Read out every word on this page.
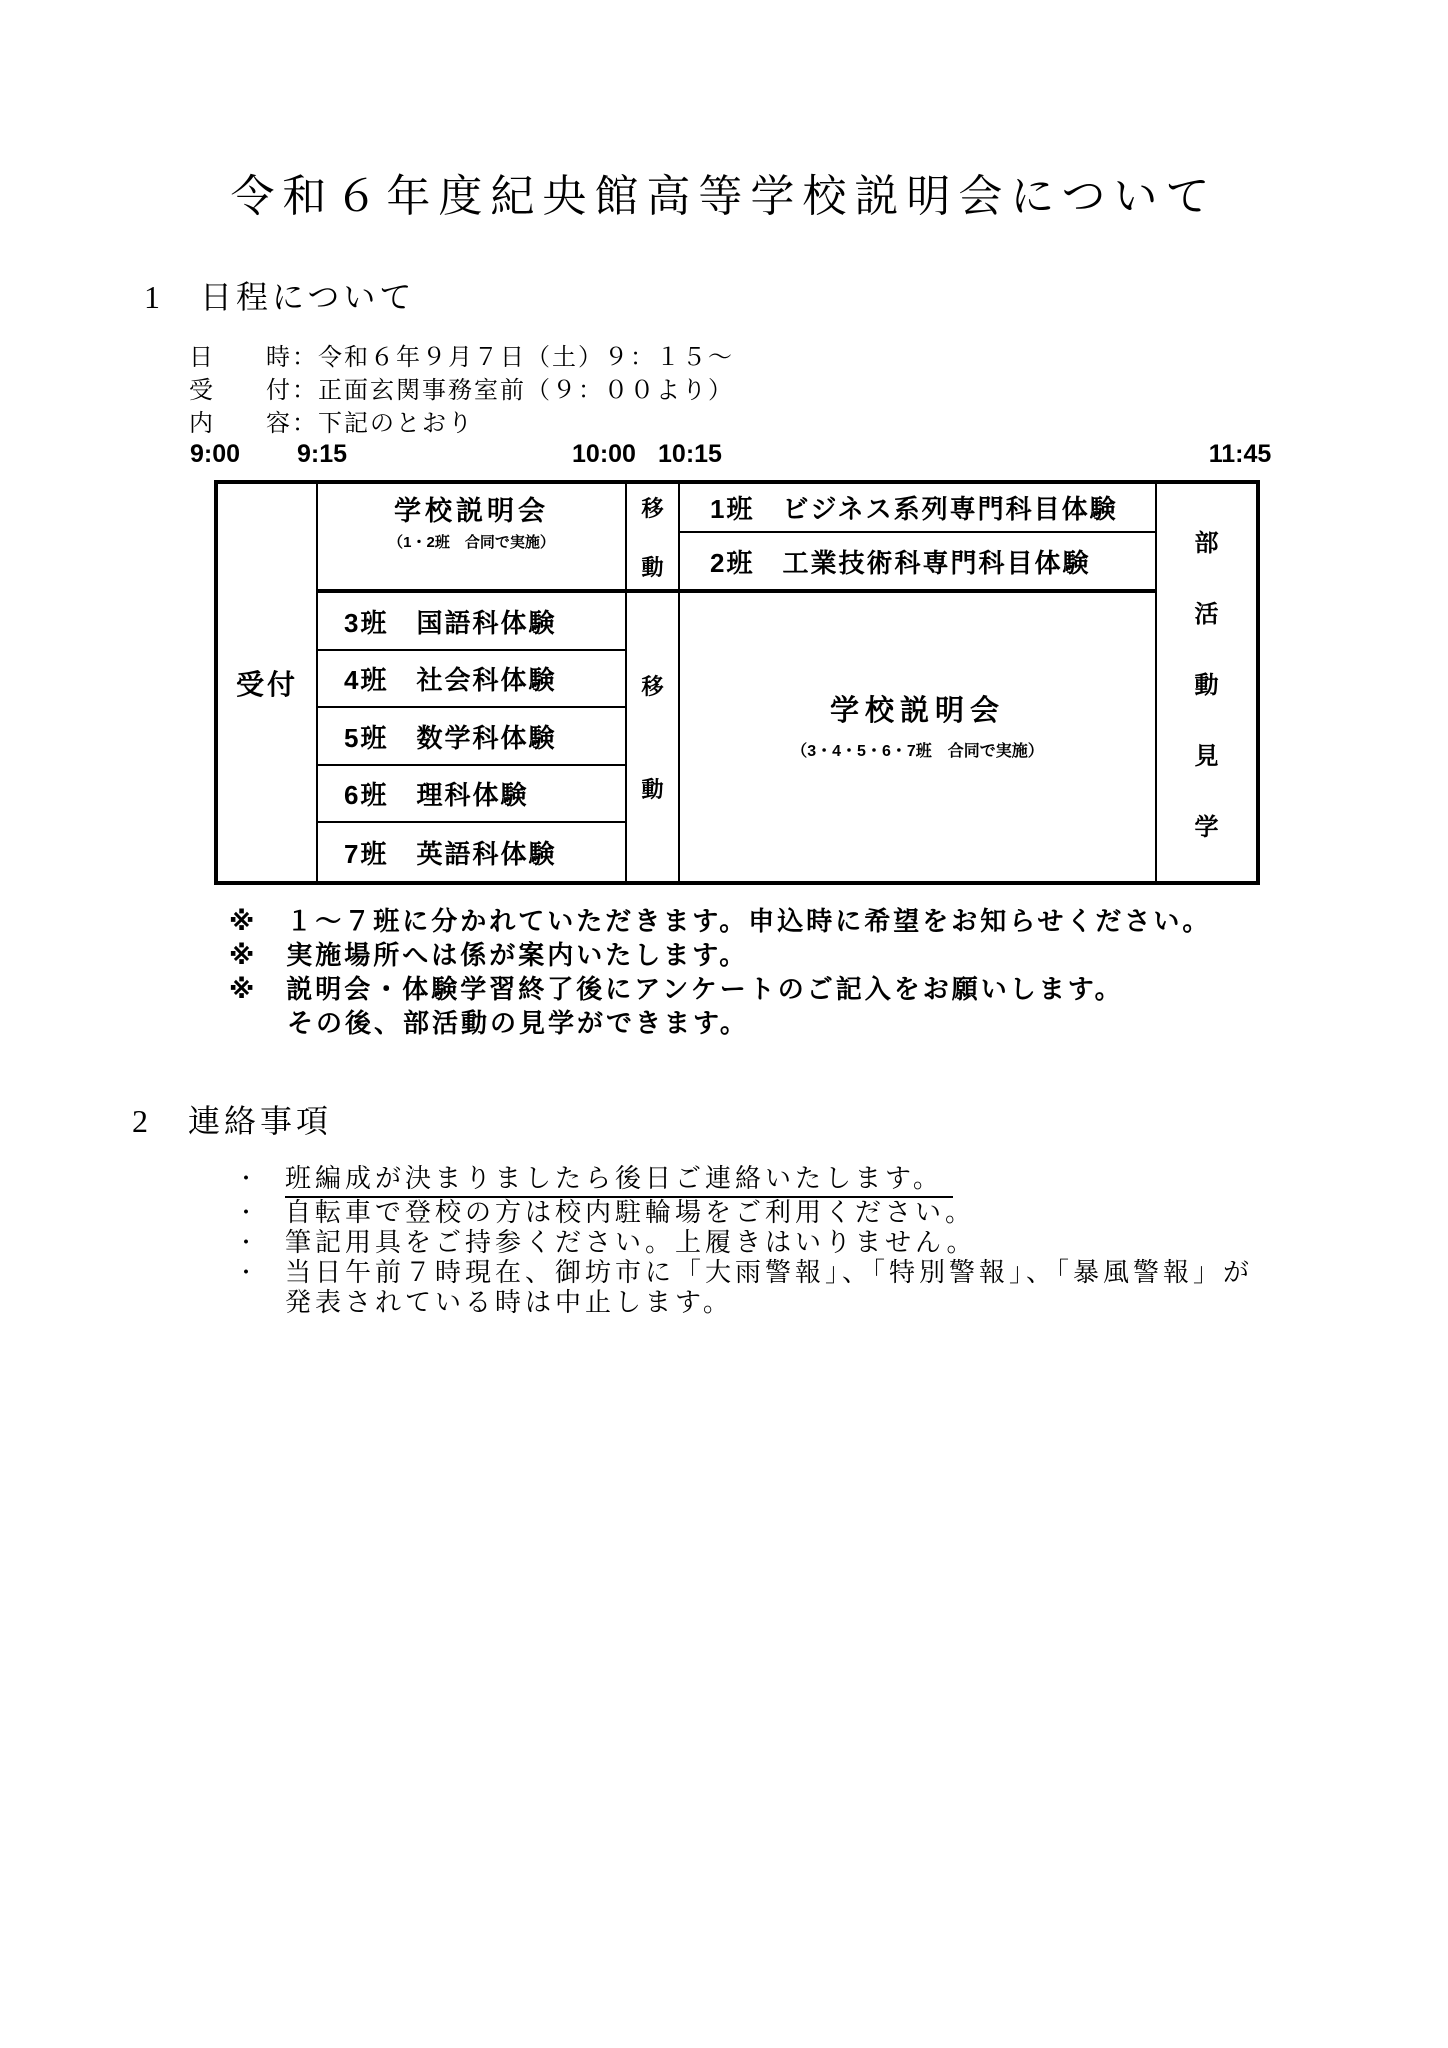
令和６年度紀央館高等学校説明会について
1　日程について
日 時：令和６年９月７日（土）９：１５～
受 付：正面玄関事務室前（９：００より）
内 容：下記のとおり
9:00 9:15	10:00 10:15	11:45
受付
学校説明会
（1・2班　合同で実施）
移
動
1班　ビジネス系列専門科目体験
2班　工業技術科専門科目体験
3班　国語科体験
4班　社会科体験
5班　数学科体験
6班　理科体験
7班　英語科体験
移
動
学校説明会
（3・4・5・6・7班　合同で実施）
部
活
動
見
学
※　１～７班に分かれていただきます。申込時に希望をお知らせください。
※　実施場所へは係が案内いたします。
※　説明会・体験学習終了後にアンケートのご記入をお願いします。
　　その後、部活動の見学ができます。
2　連絡事項
・ 班編成が決まりましたら後日ご連絡いたします。
・ 自転車で登校の方は校内駐輪場をご利用ください。
・ 筆記用具をご持参ください。上履きはいりません。
・ 当日午前７時現在、御坊市に「大雨警報」、「特別警報」、「暴風警報」が
発表されている時は中止します。
